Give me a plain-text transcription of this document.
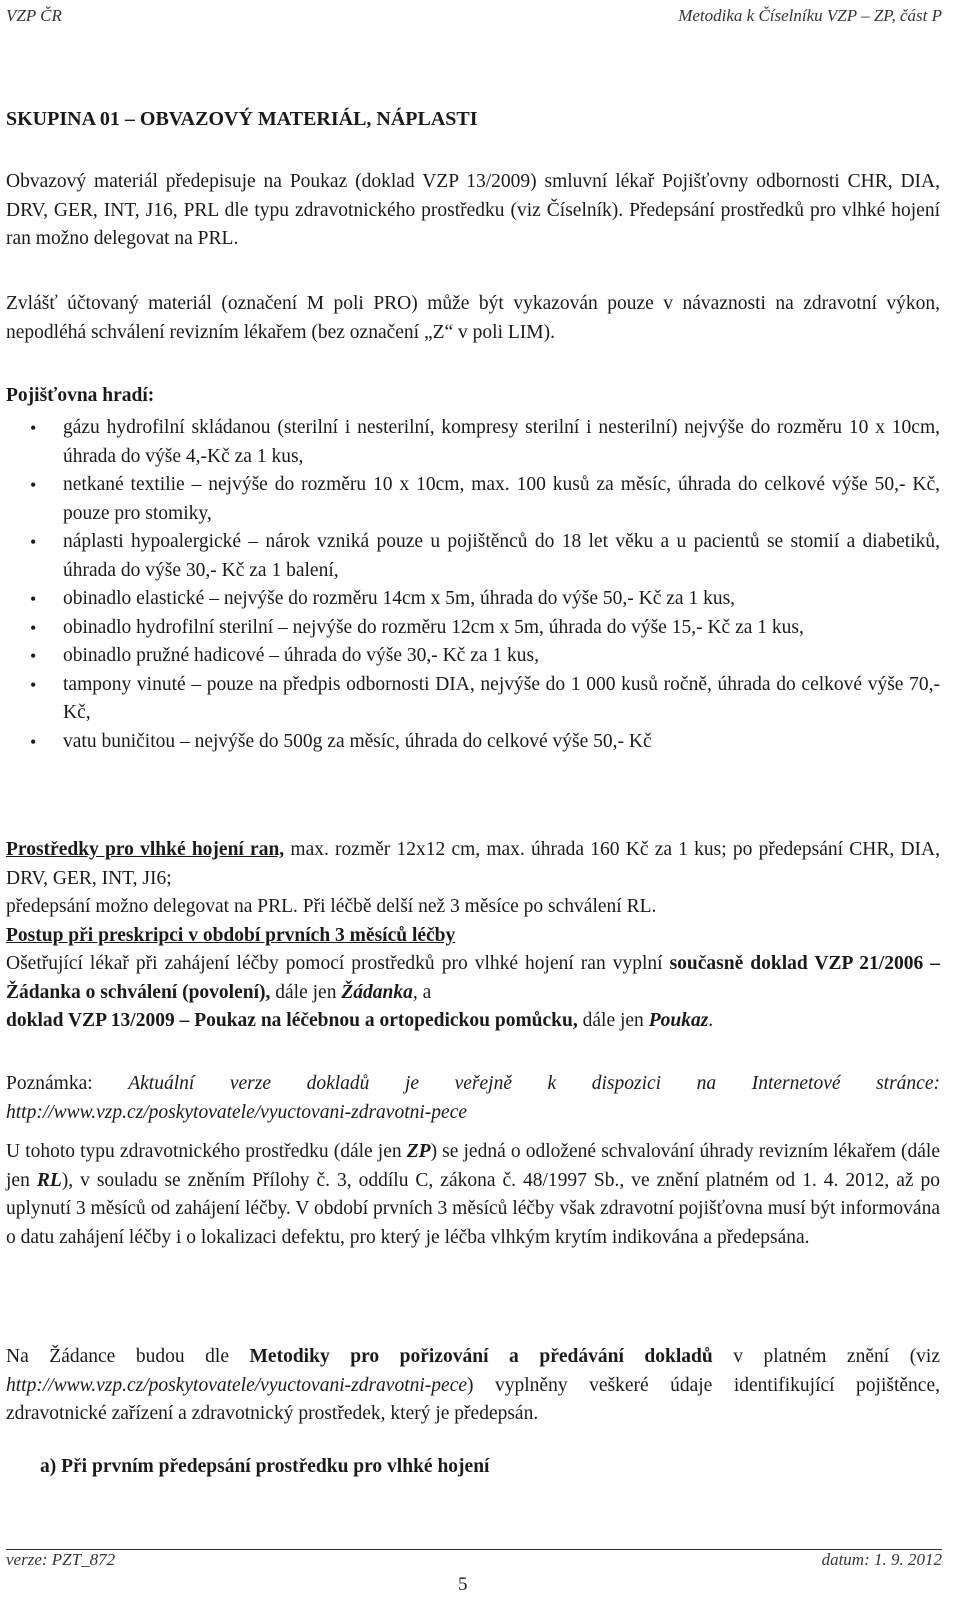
VZP ČR	Metodika k Číselníku VZP – ZP, část P
SKUPINA 01 – OBVAZOVÝ MATERIÁL, NÁPLASTI
Obvazový materiál předepisuje na Poukaz (doklad VZP 13/2009) smluvní lékař Pojišťovny odbornosti CHR, DIA, DRV, GER, INT, J16, PRL dle typu zdravotnického prostředku (viz Číselník). Předepsání prostředků pro vlhké hojení ran možno delegovat na PRL.
Zvlášť účtovaný materiál (označení M poli PRO) může být vykazován pouze v návaznosti na zdravotní výkon, nepodléhá schválení revizním lékařem (bez označení „Z“ v poli LIM).
Pojišťovna hradí:
• gázu hydrofilní skládanou (sterilní i nesterilní, kompresy sterilní i nesterilní) nejvýše do rozměru 10 x 10cm, úhrada do výše 4,-Kč za 1 kus,
• netkané textilie – nejvýše do rozměru 10 x 10cm, max. 100 kusů za měsíc, úhrada do celkové výše 50,- Kč, pouze pro stomiky,
• náplasti hypoalergické – nárok vzniká pouze u pojištěnců do 18 let věku a u pacientů se stomií a diabetiků, úhrada do výše 30,- Kč za 1 balení,
• obinadlo elastické – nejvýše do rozměru 14cm x 5m, úhrada do výše 50,- Kč za 1 kus,
• obinadlo hydrofilní sterilní – nejvýše do rozměru 12cm x 5m, úhrada do výše 15,- Kč za 1 kus,
• obinadlo pružné hadicové – úhrada do výše 30,- Kč za 1 kus,
• tampony vinuté – pouze na předpis odbornosti DIA, nejvýše do 1 000 kusů ročně, úhrada do celkové výše 70,- Kč,
• vatu buničitou – nejvýše do 500g za měsíc, úhrada do celkové výše 50,- Kč
Prostředky pro vlhké hojení ran, max. rozměr 12x12 cm, max. úhrada 160 Kč za 1 kus; po předepsání CHR, DIA, DRV, GER, INT, JI6;
předepsání možno delegovat na PRL. Při léčbě delší než 3 měsíce po schválení RL.
Postup při preskripci v období prvních 3 měsíců léčby
Ošetřující lékař při zahájení léčby pomocí prostředků pro vlhké hojení ran vyplní současně doklad VZP 21/2006 – Žádanka o schválení (povolení), dále jen Žádanka, a
doklad VZP 13/2009 – Poukaz na léčebnou a ortopedickou pomůcku, dále jen Poukaz.
Poznámka: Aktuální verze dokladů je veřejně k dispozici na Internetové stránce: http://www.vzp.cz/poskytovatele/vyuctovani-zdravotni-pece
U tohoto typu zdravotnického prostředku (dále jen ZP) se jedná o odložené schvalování úhrady revizním lékařem (dále jen RL), v souladu se zněním Přílohy č. 3, oddílu C, zákona č. 48/1997 Sb., ve znění platném od 1. 4. 2012, až po uplynutí 3 měsíců od zahájení léčby. V období prvních 3 měsíců léčby však zdravotní pojišťovna musí být informována o datu zahájení léčby i o lokalizaci defektu, pro který je léčba vlhkým krytím indikována a předepsána.
Na Žádance budou dle Metodiky pro pořizování a předávání dokladů v platném znění (viz http://www.vzp.cz/poskytovatele/vyuctovani-zdravotni-pece) vyplněny veškeré údaje identifikující pojištěnce, zdravotnické zařízení a zdravotnický prostředek, který je předepsán.
a) Při prvním předepsání prostředku pro vlhké hojení
verze: PZT_872	datum: 1. 9. 2012
5
